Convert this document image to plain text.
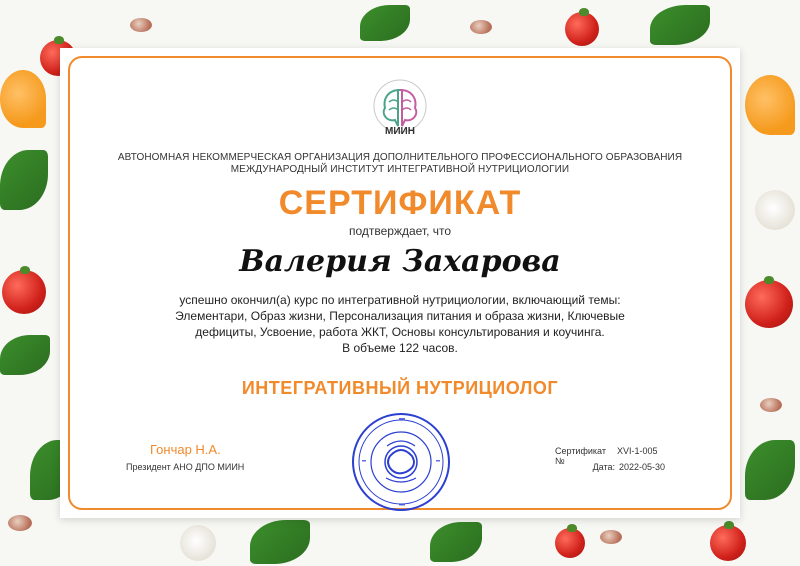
МИИН
АВТОНОМНАЯ НЕКОММЕРЧЕСКАЯ ОРГАНИЗАЦИЯ ДОПОЛНИТЕЛЬНОГО ПРОФЕССИОНАЛЬНОГО ОБРАЗОВАНИЯ
МЕЖДУНАРОДНЫЙ ИНСТИТУТ ИНТЕГРАТИВНОЙ НУТРИЦИОЛОГИИ
СЕРТИФИКАТ
подтверждает, что
Валерия Захарова
успешно окончил(а) курс по интегративной нутрициологии, включающий темы:
Элементари, Образ жизни, Персонализация питания и образа жизни, Ключевые
дефициты, Усвоение, работа ЖКТ, Основы консультирования и коучинга.
В объеме 122 часов.
ИНТЕГРАТИВНЫЙ НУТРИЦИОЛОГ
Гончар Н.А.
Президент АНО ДПО МИИН
Сертификат №
XVI-1-005
Дата: 2022-05-30
